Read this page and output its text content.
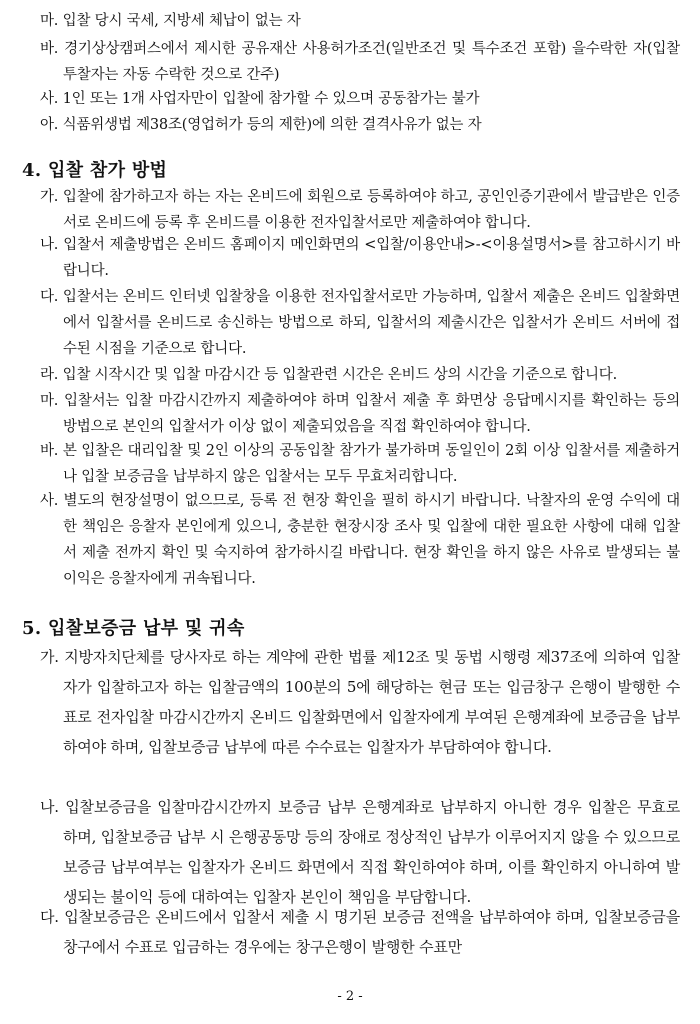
마. 입찰 당시 국세, 지방세 체납이 없는 자
바. 경기상상캠퍼스에서 제시한 공유재산 사용허가조건(일반조건 및 특수조건 포함) 을수락한 자(입찰 투찰자는 자동 수락한 것으로 간주)
사. 1인 또는 1개 사업자만이 입찰에 참가할 수 있으며 공동참가는 불가
아. 식품위생법 제38조(영업허가 등의 제한)에 의한 결격사유가 없는 자
4. 입찰 참가 방법
가. 입찰에 참가하고자 하는 자는 온비드에 회원으로 등록하여야 하고, 공인인증기관에서 발급받은 인증서로 온비드에 등록 후 온비드를 이용한 전자입찰서로만 제출하여야 합니다.
나. 입찰서 제출방법은 온비드 홈페이지 메인화면의 <입찰/이용안내>-<이용설명서>를 참고하시기 바랍니다.
다. 입찰서는 온비드 인터넷 입찰창을 이용한 전자입찰서로만 가능하며, 입찰서 제출은 온비드 입찰화면에서 입찰서를 온비드로 송신하는 방법으로 하되, 입찰서의 제출시간은 입찰서가 온비드 서버에 접수된 시점을 기준으로 합니다.
라. 입찰 시작시간 및 입찰 마감시간 등 입찰관련 시간은 온비드 상의 시간을 기준으로 합니다.
마. 입찰서는 입찰 마감시간까지 제출하여야 하며 입찰서 제출 후 화면상 응답메시지를 확인하는 등의 방법으로 본인의 입찰서가 이상 없이 제출되었음을 직접 확인하여야 합니다.
바. 본 입찰은 대리입찰 및 2인 이상의 공동입찰 참가가 불가하며 동일인이 2회 이상 입찰서를 제출하거나 입찰 보증금을 납부하지 않은 입찰서는 모두 무효처리합니다.
사. 별도의 현장설명이 없으므로, 등록 전 현장 확인을 필히 하시기 바랍니다. 낙찰자의 운영 수익에 대한 책임은 응찰자 본인에게 있으니, 충분한 현장시장 조사 및 입찰에 대한 필요한 사항에 대해 입찰서 제출 전까지 확인 및 숙지하여 참가하시길 바랍니다. 현장 확인을 하지 않은 사유로 발생되는 불이익은 응찰자에게 귀속됩니다.
5. 입찰보증금 납부 및 귀속
가. 지방자치단체를 당사자로 하는 계약에 관한 법률 제12조 및 동법 시행령 제37조에 의하여 입찰자가 입찰하고자 하는 입찰금액의 100분의 5에 해당하는 현금 또는 입금창구 은행이 발행한 수표로 전자입찰 마감시간까지 온비드 입찰화면에서 입찰자에게 부여된 은행계좌에 보증금을 납부하여야 하며, 입찰보증금 납부에 따른 수수료는 입찰자가 부담하여야 합니다.
나. 입찰보증금을 입찰마감시간까지 보증금 납부 은행계좌로 납부하지 아니한 경우 입찰은 무효로 하며, 입찰보증금 납부 시 은행공동망 등의 장애로 정상적인 납부가 이루어지지 않을 수 있으므로 보증금 납부여부는 입찰자가 온비드 화면에서 직접 확인하여야 하며, 이를 확인하지 아니하여 발생되는 불이익 등에 대하여는 입찰자 본인이 책임을 부담합니다.
다. 입찰보증금은 온비드에서 입찰서 제출 시 명기된 보증금 전액을 납부하여야 하며, 입찰보증금을 창구에서 수표로 입금하는 경우에는 창구은행이 발행한 수표만
- 2 -
